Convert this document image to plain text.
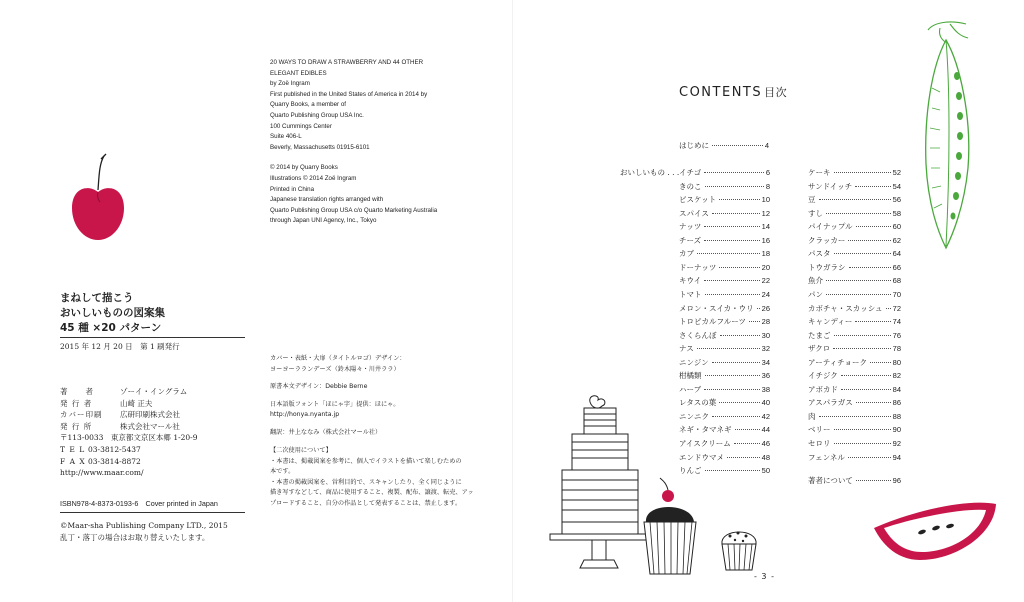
まねして描こう
おいしいものの図案集
45 種 ×20 パターン
2015 年 12 月 20 日　第 1 刷発行
著　　者	ゾーイ・イングラム
発 行 者	山崎 正夫
カバー印刷	広研印刷株式会社
発 行 所	株式会社マール社
〒113-0033　東京都文京区本郷 1-20-9
T E L 03-3812-5437
F A X 03-3814-8872
http://www.maar.com/
ISBN978-4-8373-0193-6　Cover printed in Japan
©Maar-sha Publishing Company LTD., 2015
乱丁・落丁の場合はお取り替えいたします。
20 WAYS TO DRAW A STRAWBERRY AND 44 OTHER
ELEGANT EDIBLES
by Zoë Ingram
First published in the United States of America in 2014 by
Quarry Books, a member of
Quarto Publishing Group USA Inc.
100 Cummings Center
Suite 406-L
Beverly, Massachusetts 01915-6101
© 2014 by Quarry Books
Illustrations © 2014 Zoë Ingram
Printed in China
Japanese translation rights arranged with
Quarto Publishing Group USA c/o Quarto Marketing Australia
through Japan UNI Agency, Inc., Tokyo
カバー・表紙・大扉（タイトルロゴ）デザイン：
ヨーヨーラランデーズ（鈴木陽々・川井ララ）
原書本文デザイン：Debbie Berne
日本語版フォント「ほにゃ字」提供：ほにゃ。
http://honya.nyanta.jp
翻訳：井上ななみ（株式会社マール社）
【二次使用について】
・本書は、掲載図案を参考に、個人でイラストを描いて楽しむための
本です。
・本書の掲載図案を、営利目的で、スキャンしたり、全く同じように
描き写すなどして、商品に使用すること、複製、配布、譲渡、転売、アッ
プロードすること、自分の作品として発表することは、禁止します。
CONTENTS 目次
はじめに	4
おいしいもの . . . イチゴ	6
きのこ	8
ビスケット	10
スパイス	12
ナッツ	14
チーズ	16
カブ	18
ドーナッツ	20
キウイ	22
トマト	24
メロン・スイカ・ウリ 26
トロピカルフルーツ 28
さくらんぼ	30
ナス	32
ニンジン	34
柑橘類	36
ハーブ	38
レタスの葉	40
ニンニク	42
ネギ・タマネギ	44
アイスクリーム	46
エンドウマメ	48
りんご	50
ケーキ	52
サンドイッチ	54
豆	56
すし	58
パイナップル	60
クラッカー	62
パスタ	64
トウガラシ	66
魚介	68
パン	70
カボチャ・スカッシュ 72
キャンディー	74
たまご	76
ザクロ	78
アーティチョーク	80
イチジク	82
アボカド	84
アスパラガス	86
肉	88
ベリー	90
セロリ	92
フェンネル	94
著者について	96
- 3 -
